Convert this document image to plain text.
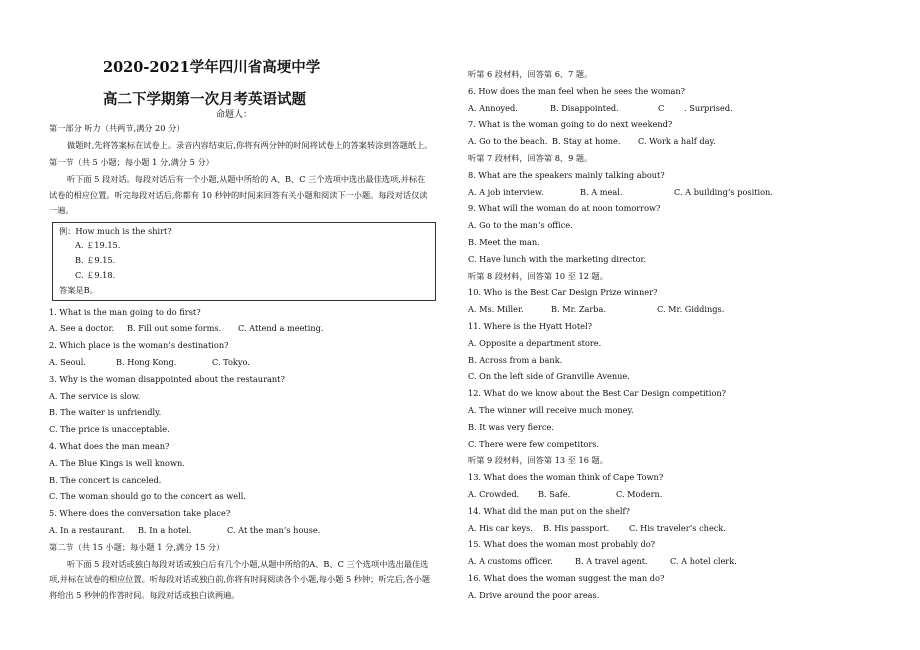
2020-2021学年四川省高埂中学
高二下学期第一次月考英语试题
命题人：
第一部分 听力（共两节,满分 20 分）
做题时,先将答案标在试卷上。录音内容结束后,你将有两分钟的时间将试卷上的答案转涂到答题纸上。
第一节（共 5 小题；每小题 1 分,满分 5 分）
听下面 5 段对话。每段对话后有一个小题,从题中所给的 A、B、C 三个选项中选出最佳选项,并标在试卷的相应位置。听完每段对话后,你都有 10 秒钟的时间来回答有关小题和阅读下一小题。每段对话仅读一遍。
例：How much is the shirt?
A. ￡19.15.
B. ￡9.15.
C. ￡9.18.
答案是B。
1. What is the man going to do first?
A. See a doctor. B. Fill out some forms. C. Attend a meeting.
2. Which place is the woman’s destination?
A. Seoul.	B. Hong Kong.	C. Tokyo.
3. Why is the woman disappointed about the restaurant?
A. The service is slow.
B. The waiter is unfriendly.
C. The price is unacceptable.
4. What does the man mean?
A. The Blue Kings is well known.
B. The concert is canceled.
C. The woman should go to the concert as well.
5. Where does the conversation take place?
A. In a restaurant. B. In a hotel.	C. At the man’s house.
第二节（共 15 小题；每小题 1 分,满分 15 分）
听下面 5 段对话或独白每段对话或独白后有几个小题,从题中所给的A、B、C 三个选项中选出最佳选项,并标在试卷的相应位置。听每段对话或独白前,你将有时间阅读各个小题,每小题 5 秒钟；听完后,各小题将给出 5 秒钟的作答时间。每段对话或独白读两遍。
听第 6 段材料，回答第 6、7 题。
6. How does the man feel when he sees the woman?
A. Annoyed.	B. Disappointed.	C . Surprised.
7. What is the woman going to do next weekend?
A. Go to the beach. B. Stay at home. C. Work a half day.
听第 7 段材料，回答第 8、9 题。
8. What are the speakers mainly talking about?
A. A job interview.	B. A meal.	C. A building’s position.
9. What will the woman do at noon tomorrow?
A. Go to the man’s office.
B. Meet the man.
C. Have lunch with the marketing director.
听第 8 段材料，回答第 10 至 12 题。
10. Who is the Best Car Design Prize winner?
A. Ms. Miller.	B. Mr. Zarba.	C. Mr. Giddings.
11. Where is the Hyatt Hotel?
A. Opposite a department store.
B. Across from a bank.
C. On the left side of Granville Avenue.
12. What do we know about the Best Car Design competition?
A. The winner will receive much money.
B. It was very fierce.
C. There were few competitors.
听第 9 段材料，回答第 13 至 16 题。
13. What does the woman think of Cape Town?
A. Crowded. B. Safe.	C. Modern.
14. What did the man put on the shelf?
A. His car keys. B. His passport. C. His traveler’s check.
15. What does the woman most probably do?
A. A customs officer.	B. A travel agent.	C. A hotel clerk.
16. What does the woman suggest the man do?
A. Drive around the poor areas.
